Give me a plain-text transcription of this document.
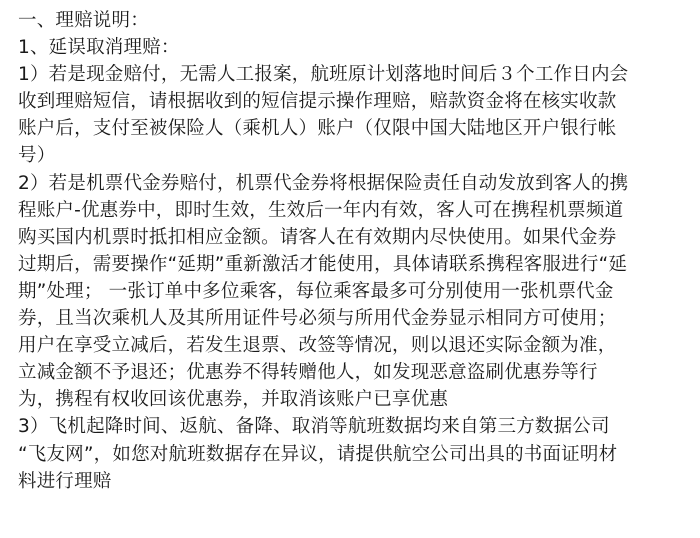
一、理赔说明：
1、延误取消理赔：
1）若是现金赔付，无需人工报案，航班原计划落地时间后３个工作日内会
收到理赔短信，请根据收到的短信提示操作理赔，赔款资金将在核实收款
账户后，支付至被保险人（乘机人）账户（仅限中国大陆地区开户银行帐
号）
2）若是机票代金券赔付，机票代金券将根据保险责任自动发放到客人的携
程账户-优惠券中，即时生效，生效后一年内有效，客人可在携程机票频道
购买国内机票时抵扣相应金额。请客人在有效期内尽快使用。如果代金券
过期后，需要操作“延期”重新激活才能使用，具体请联系携程客服进行“延
期”处理； 一张订单中多位乘客，每位乘客最多可分别使用一张机票代金
券，且当次乘机人及其所用证件号必须与所用代金券显示相同方可使用；
用户在享受立减后，若发生退票、改签等情况，则以退还实际金额为准，
立减金额不予退还；优惠券不得转赠他人，如发现恶意盗刷优惠券等行
为，携程有权收回该优惠券，并取消该账户已享优惠
3）飞机起降时间、返航、备降、取消等航班数据均来自第三方数据公司
“飞友网”，如您对航班数据存在异议，请提供航空公司出具的书面证明材
料进行理赔
